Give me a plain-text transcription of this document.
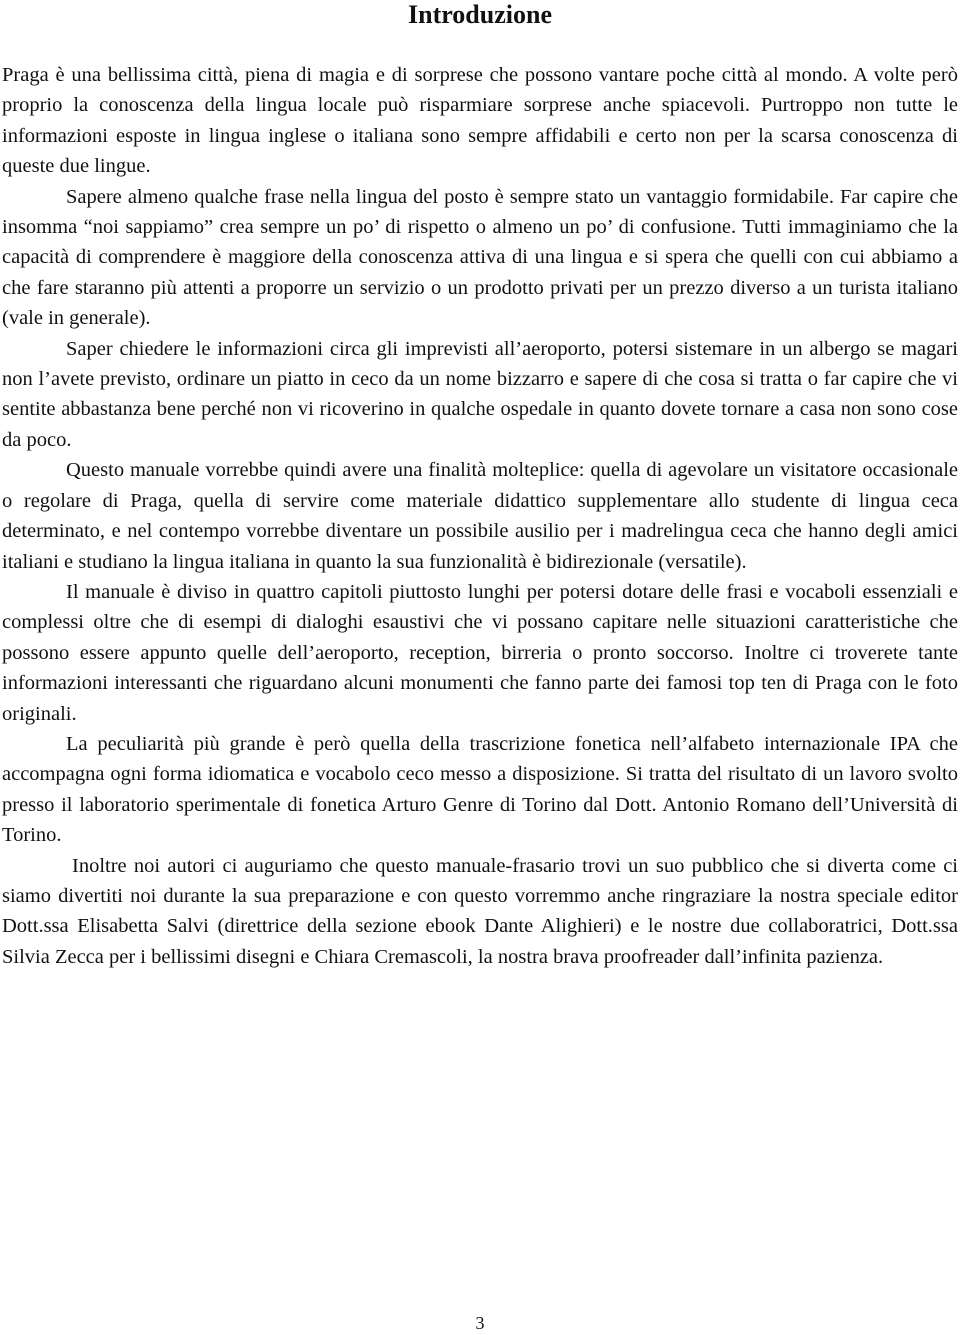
Introduzione

Praga è una bellissima città, piena di magia e di sorprese che possono vantare poche città al mondo. A volte però proprio la conoscenza della lingua locale può risparmiare sorprese anche spiacevoli. Purtroppo non tutte le informazioni esposte in lingua inglese o italiana sono sempre affidabili e certo non per la scarsa conoscenza di queste due lingue.

Sapere almeno qualche frase nella lingua del posto è sempre stato un vantaggio formidabile. Far capire che insomma “noi sappiamo” crea sempre un po’ di rispetto o almeno un po’ di confusione. Tutti immaginiamo che la capacità di comprendere è maggiore della conoscenza attiva di una lingua e si spera che quelli con cui abbiamo a che fare staranno più attenti a proporre un servizio o un prodotto privati per un prezzo diverso a un turista italiano (vale in generale).

Saper chiedere le informazioni circa gli imprevisti all’aeroporto, potersi sistemare in un albergo se magari non l’avete previsto, ordinare un piatto in ceco da un nome bizzarro e sapere di che cosa si tratta o far capire che vi sentite abbastanza bene perché non vi ricoverino in qualche ospedale in quanto dovete tornare a casa non sono cose da poco.

Questo manuale vorrebbe quindi avere una finalità molteplice: quella di agevolare un visitatore occasionale o regolare di Praga, quella di servire come materiale didattico supplementare allo studente di lingua ceca determinato, e nel contempo vorrebbe diventare un possibile ausilio per i madrelingua ceca che hanno degli amici italiani e studiano la lingua italiana in quanto la sua funzionalità è bidirezionale (versatile).

Il manuale è diviso in quattro capitoli piuttosto lunghi per potersi dotare delle frasi e vocaboli essenziali e complessi oltre che di esempi di dialoghi esaustivi che vi possano capitare nelle situazioni caratteristiche che possono essere appunto quelle dell’aeroporto, reception, birreria o pronto soccorso. Inoltre ci troverete tante informazioni interessanti che riguardano alcuni monumenti che fanno parte dei famosi top ten di Praga con le foto originali.

La peculiarità più grande è però quella della trascrizione fonetica nell’alfabeto internazionale IPA che accompagna ogni forma idiomatica e vocabolo ceco messo a disposizione. Si tratta del risultato di un lavoro svolto presso il laboratorio sperimentale di fonetica Arturo Genre di Torino dal Dott. Antonio Romano dell’Università di Torino.

Inoltre noi autori ci auguriamo che questo manuale-frasario trovi un suo pubblico che si diverta come ci siamo divertiti noi durante la sua preparazione e con questo vorremmo anche ringraziare la nostra speciale editor Dott.ssa Elisabetta Salvi (direttrice della sezione ebook Dante Alighieri) e le nostre due collaboratrici, Dott.ssa Silvia Zecca per i bellissimi disegni e Chiara Cremascoli, la nostra brava proofreader dall’infinita pazienza.

3
